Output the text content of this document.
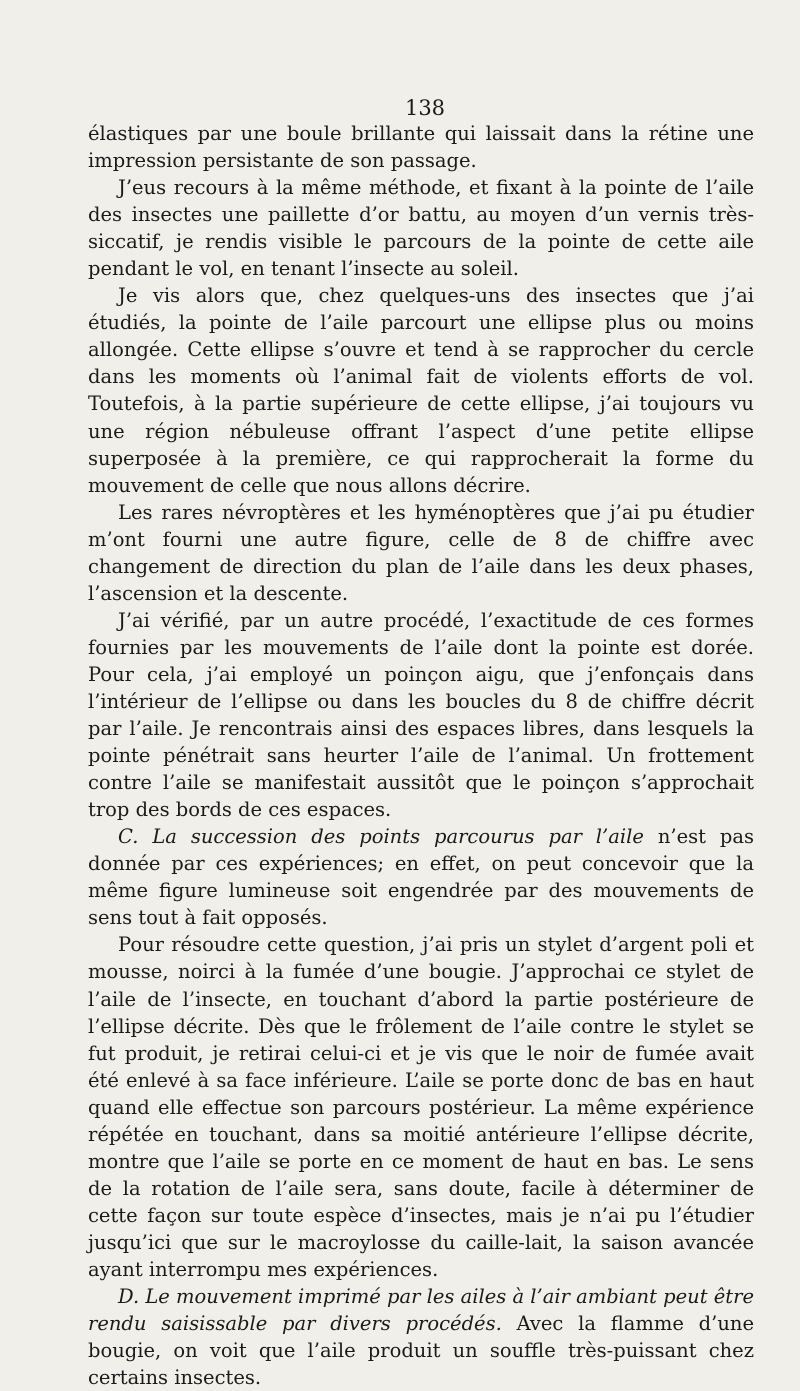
138

élastiques par une boule brillante qui laissait dans la rétine une impression persistante de son passage.

J’eus recours à la même méthode, et fixant à la pointe de l’aile des insectes une paillette d’or battu, au moyen d’un vernis très-siccatif, je rendis visible le parcours de la pointe de cette aile pendant le vol, en tenant l’insecte au soleil.

Je vis alors que, chez quelques-uns des insectes que j’ai étudiés, la pointe de l’aile parcourt une ellipse plus ou moins allongée. Cette ellipse s’ouvre et tend à se rapprocher du cercle dans les moments où l’animal fait de violents efforts de vol. Toutefois, à la partie supérieure de cette ellipse, j’ai toujours vu une région nébuleuse offrant l’aspect d’une petite ellipse superposée à la première, ce qui rapprocherait la forme du mouvement de celle que nous allons décrire.

Les rares névroptères et les hyménoptères que j’ai pu étudier m’ont fourni une autre figure, celle de 8 de chiffre avec changement de direction du plan de l’aile dans les deux phases, l’ascension et la descente.

J’ai vérifié, par un autre procédé, l’exactitude de ces formes fournies par les mouvements de l’aile dont la pointe est dorée. Pour cela, j’ai employé un poinçon aigu, que j’enfonçais dans l’intérieur de l’ellipse ou dans les boucles du 8 de chiffre décrit par l’aile. Je rencontrais ainsi des espaces libres, dans lesquels la pointe pénétrait sans heurter l’aile de l’animal. Un frottement contre l’aile se manifestait aussitôt que le poinçon s’approchait trop des bords de ces espaces.

C. La succession des points parcourus par l’aile n’est pas donnée par ces expériences; en effet, on peut concevoir que la même figure lumineuse soit engendrée par des mouvements de sens tout à fait opposés.

Pour résoudre cette question, j’ai pris un stylet d’argent poli et mousse, noirci à la fumée d’une bougie. J’approchai ce stylet de l’aile de l’insecte, en touchant d’abord la partie postérieure de l’ellipse décrite. Dès que le frôlement de l’aile contre le stylet se fut produit, je retirai celui-ci et je vis que le noir de fumée avait été enlevé à sa face inférieure. L’aile se porte donc de bas en haut quand elle effectue son parcours postérieur. La même expérience répétée en touchant, dans sa moitié antérieure l’ellipse décrite, montre que l’aile se porte en ce moment de haut en bas. Le sens de la rotation de l’aile sera, sans doute, facile à déterminer de cette façon sur toute espèce d’insectes, mais je n’ai pu l’étudier jusqu’ici que sur le macroylosse du caille-lait, la saison avancée ayant interrompu mes expériences.

D. Le mouvement imprimé par les ailes à l’air ambiant peut être rendu saisissable par divers procédés. Avec la flamme d’une bougie, on voit que l’aile produit un souffle très-puissant chez certains insectes.
